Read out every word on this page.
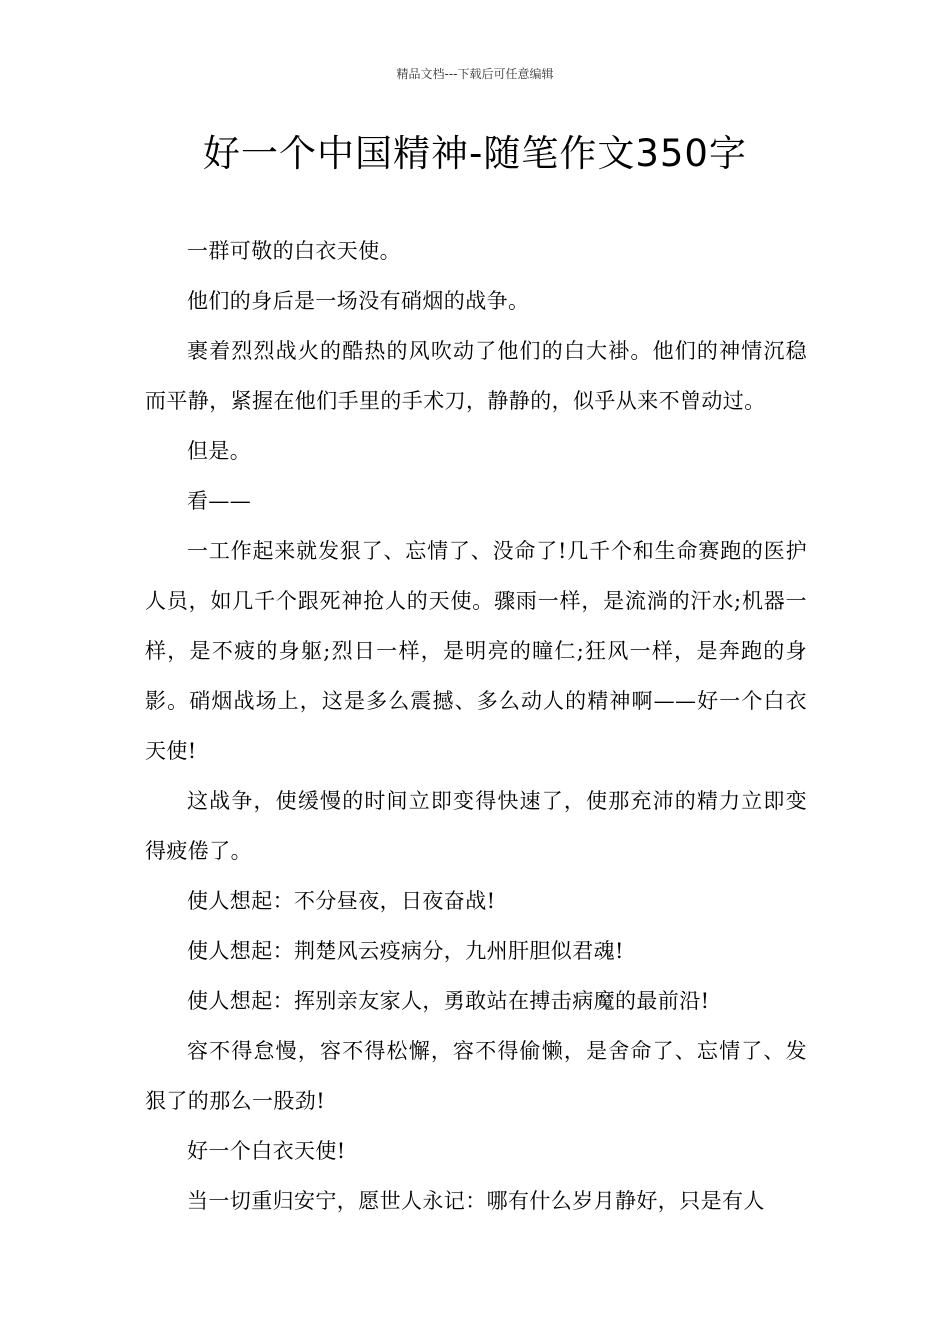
精品文档---下载后可任意编辑
好一个中国精神-随笔作文350字

一群可敬的白衣天使。

他们的身后是一场没有硝烟的战争。

裹着烈烈战火的酷热的风吹动了他们的白大褂。他们的神情沉稳而平静，紧握在他们手里的手术刀，静静的，似乎从来不曾动过。

但是。

看——

一工作起来就发狠了、忘情了、没命了!几千个和生命赛跑的医护人员，如几千个跟死神抢人的天使。骤雨一样，是流淌的汗水;机器一样，是不疲的身躯;烈日一样，是明亮的瞳仁;狂风一样，是奔跑的身影。硝烟战场上，这是多么震撼、多么动人的精神啊——好一个白衣天使!

这战争，使缓慢的时间立即变得快速了，使那充沛的精力立即变得疲倦了。

使人想起：不分昼夜，日夜奋战!

使人想起：荆楚风云疫病分，九州肝胆似君魂!

使人想起：挥别亲友家人，勇敢站在搏击病魔的最前沿!

容不得怠慢，容不得松懈，容不得偷懒，是舍命了、忘情了、发狠了的那么一股劲!

好一个白衣天使!

当一切重归安宁，愿世人永记：哪有什么岁月静好，只是有人
